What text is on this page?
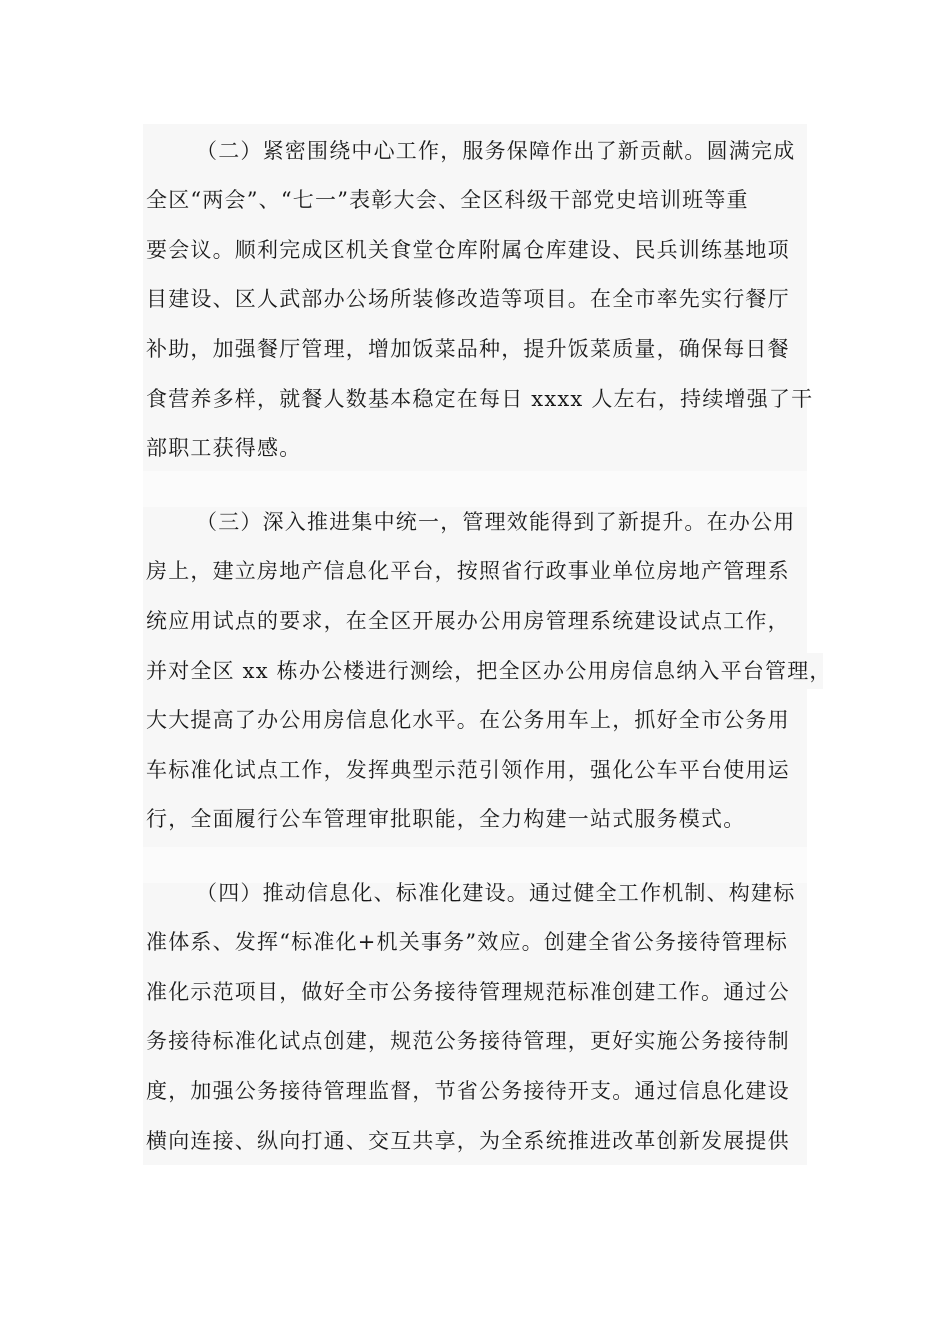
（二）紧密围绕中心工作，服务保障作出了新贡献。圆满完成
全区“两会”、“七一”表彰大会、全区科级干部党史培训班等重
要会议。顺利完成区机关食堂仓库附属仓库建设、民兵训练基地项
目建设、区人武部办公场所装修改造等项目。在全市率先实行餐厅
补助，加强餐厅管理，增加饭菜品种，提升饭菜质量，确保每日餐
食营养多样，就餐人数基本稳定在每日 xxxx 人左右，持续增强了干
部职工获得感。
（三）深入推进集中统一，管理效能得到了新提升。在办公用
房上，建立房地产信息化平台，按照省行政事业单位房地产管理系
统应用试点的要求，在全区开展办公用房管理系统建设试点工作，
并对全区 xx 栋办公楼进行测绘，把全区办公用房信息纳入平台管理，
大大提高了办公用房信息化水平。在公务用车上，抓好全市公务用
车标准化试点工作，发挥典型示范引领作用，强化公车平台使用运
行，全面履行公车管理审批职能，全力构建一站式服务模式。
（四）推动信息化、标准化建设。通过健全工作机制、构建标
准体系、发挥“标准化+机关事务”效应。创建全省公务接待管理标
准化示范项目，做好全市公务接待管理规范标准创建工作。通过公
务接待标准化试点创建，规范公务接待管理，更好实施公务接待制
度，加强公务接待管理监督，节省公务接待开支。通过信息化建设
横向连接、纵向打通、交互共享，为全系统推进改革创新发展提供
